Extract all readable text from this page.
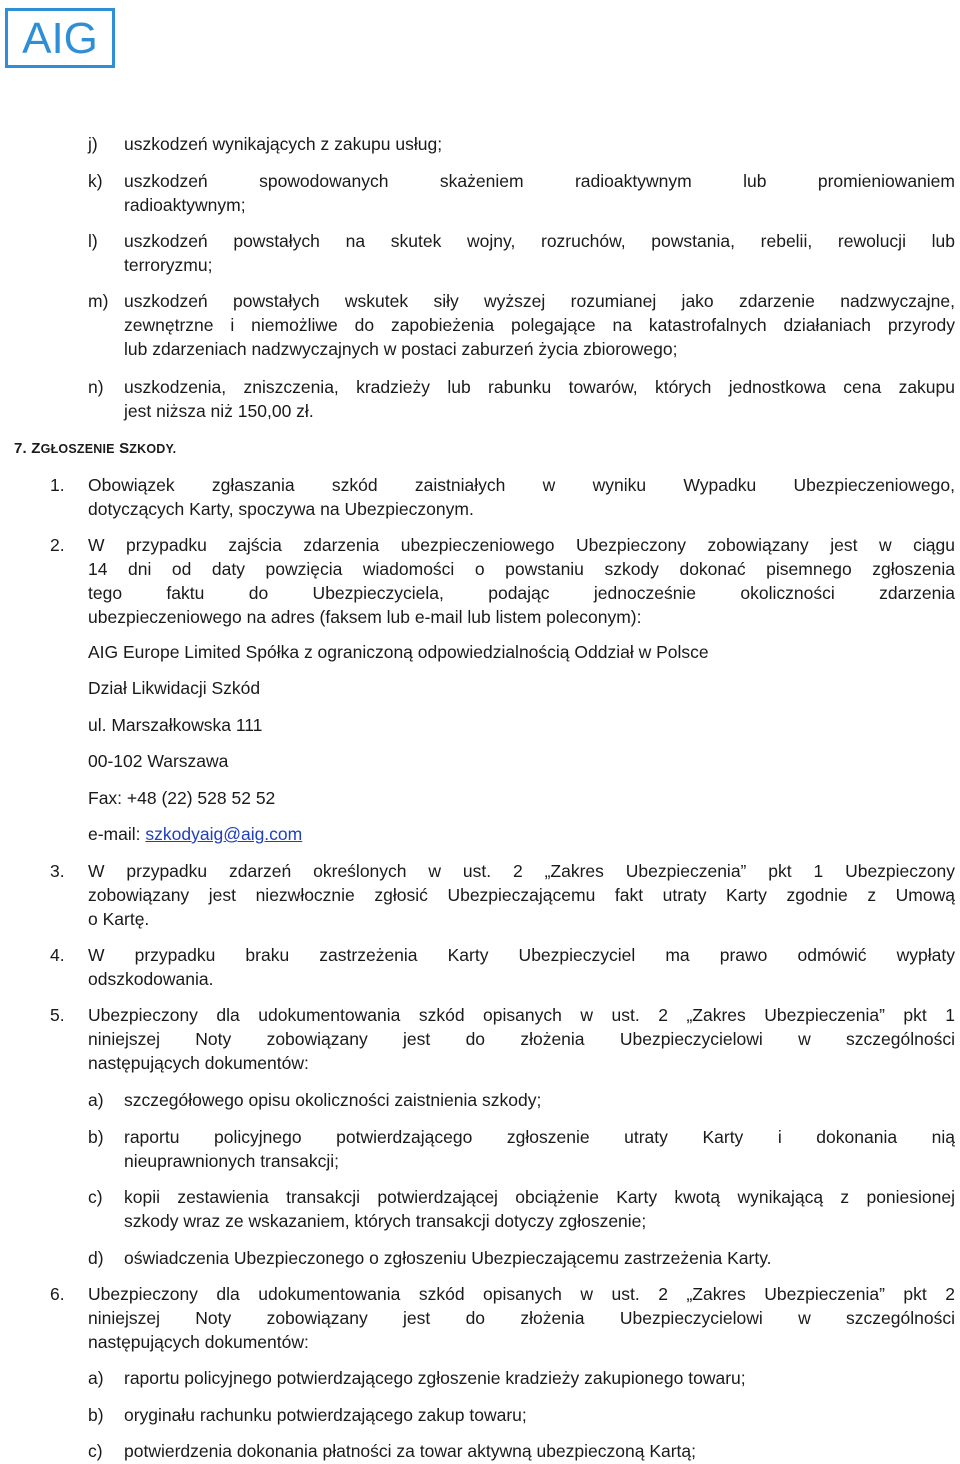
AIG
j) uszkodzeń wynikających z zakupu usług;
k) uszkodzeń spowodowanych skażeniem radioaktywnym lub promieniowaniem
radioaktywnym;
l) uszkodzeń powstałych na skutek wojny, rozruchów, powstania, rebelii, rewolucji lub
terroryzmu;
m) uszkodzeń powstałych wskutek siły wyższej rozumianej jako zdarzenie nadzwyczajne,
zewnętrzne i niemożliwe do zapobieżenia polegające na katastrofalnych działaniach przyrody
lub zdarzeniach nadzwyczajnych w postaci zaburzeń życia zbiorowego;
n) uszkodzenia, zniszczenia, kradzieży lub rabunku towarów, których jednostkowa cena zakupu
jest niższa niż 150,00 zł.
7. ZGŁOSZENIE SZKODY.
1. Obowiązek zgłaszania szkód zaistniałych w wyniku Wypadku Ubezpieczeniowego,
dotyczących Karty, spoczywa na Ubezpieczonym.
2. W przypadku zajścia zdarzenia ubezpieczeniowego Ubezpieczony zobowiązany jest w ciągu
14 dni od daty powzięcia wiadomości o powstaniu szkody dokonać pisemnego zgłoszenia
tego faktu do Ubezpieczyciela, podając jednocześnie okoliczności zdarzenia
ubezpieczeniowego na adres (faksem lub e-mail lub listem poleconym):
AIG Europe Limited Spółka z ograniczoną odpowiedzialnością Oddział w Polsce
Dział Likwidacji Szkód
ul. Marszałkowska 111
00-102 Warszawa
Fax: +48 (22) 528 52 52
e-mail: szkodyaig@aig.com
3. W przypadku zdarzeń określonych w ust. 2 „Zakres Ubezpieczenia” pkt 1 Ubezpieczony
zobowiązany jest niezwłocznie zgłosić Ubezpieczającemu fakt utraty Karty zgodnie z Umową
o Kartę.
4. W przypadku braku zastrzeżenia Karty Ubezpieczyciel ma prawo odmówić wypłaty
odszkodowania.
5. Ubezpieczony dla udokumentowania szkód opisanych w ust. 2 „Zakres Ubezpieczenia” pkt 1
niniejszej Noty zobowiązany jest do złożenia Ubezpieczycielowi w szczególności
następujących dokumentów:
a) szczegółowego opisu okoliczności zaistnienia szkody;
b) raportu policyjnego potwierdzającego zgłoszenie utraty Karty i dokonania nią
nieuprawnionych transakcji;
c) kopii zestawienia transakcji potwierdzającej obciążenie Karty kwotą wynikającą z poniesionej
szkody wraz ze wskazaniem, których transakcji dotyczy zgłoszenie;
d) oświadczenia Ubezpieczonego o zgłoszeniu Ubezpieczającemu zastrzeżenia Karty.
6. Ubezpieczony dla udokumentowania szkód opisanych w ust. 2 „Zakres Ubezpieczenia” pkt 2
niniejszej Noty zobowiązany jest do złożenia Ubezpieczycielowi w szczególności
następujących dokumentów:
a) raportu policyjnego potwierdzającego zgłoszenie kradzieży zakupionego towaru;
b) oryginału rachunku potwierdzającego zakup towaru;
c) potwierdzenia dokonania płatności za towar aktywną ubezpieczoną Kartą;
